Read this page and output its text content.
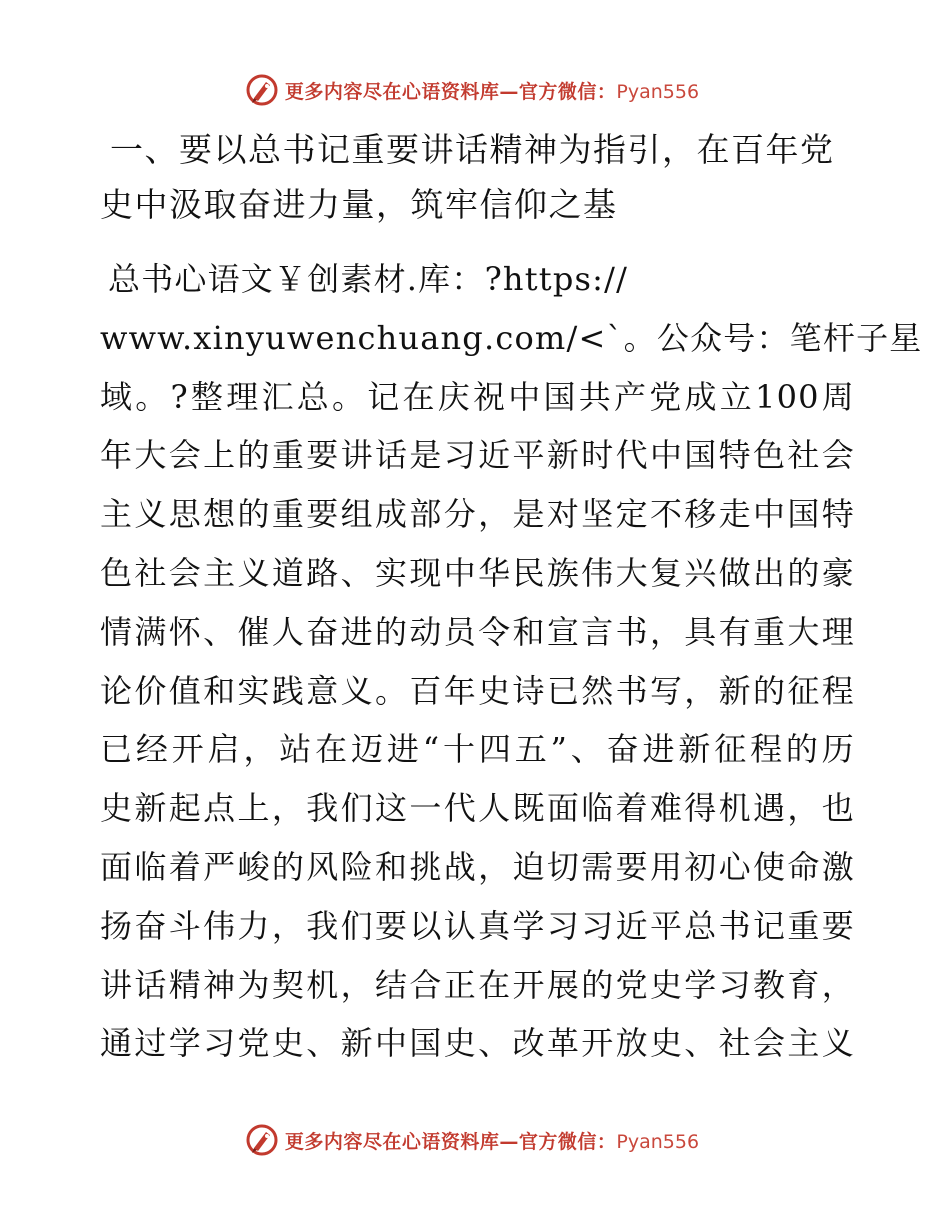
更多内容尽在心语资料库—官方微信：Pyan556
一、要以总书记重要讲话精神为指引，在百年党
史中汲取奋进力量，筑牢信仰之基
总书心语文￥创素材.库：?https://
www.xinyuwenchuang.com/<`。公众号：笔杆子星
域。?整理汇总。记在庆祝中国共产党成立100周
年大会上的重要讲话是习近平新时代中国特色社会
主义思想的重要组成部分，是对坚定不移走中国特
色社会主义道路、实现中华民族伟大复兴做出的豪
情满怀、催人奋进的动员令和宣言书，具有重大理
论价值和实践意义。百年史诗已然书写，新的征程
已经开启，站在迈进“十四五”、奋进新征程的历
史新起点上，我们这一代人既面临着难得机遇，也
面临着严峻的风险和挑战，迫切需要用初心使命激
扬奋斗伟力，我们要以认真学习习近平总书记重要
讲话精神为契机，结合正在开展的党史学习教育，
通过学习党史、新中国史、改革开放史、社会主义
更多内容尽在心语资料库—官方微信：Pyan556
